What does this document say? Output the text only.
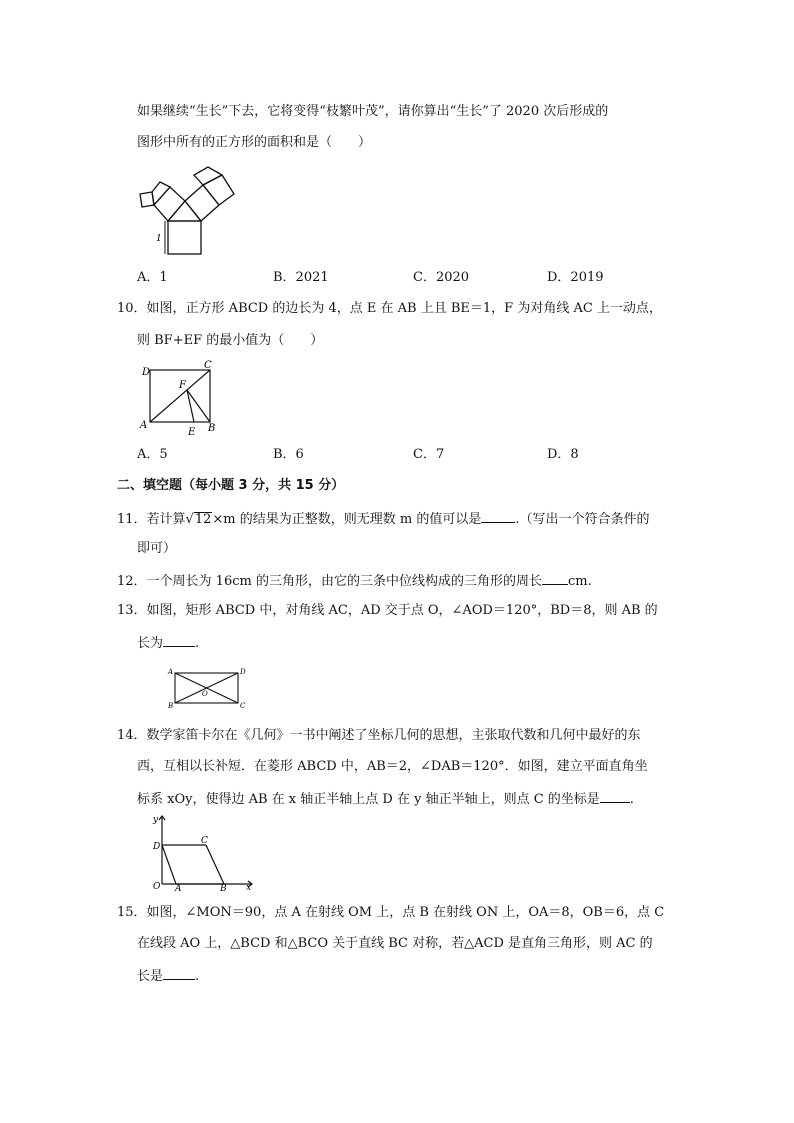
如果继续“生长”下去，它将变得“枝繁叶茂”，请你算出“生长”了 2020 次后形成的
图形中所有的正方形的面积和是（　　）
1
A．1	B．2021	C．2020	D．2019
10．如图，正方形 ABCD 的边长为 4，点 E 在 AB 上且 BE＝1，F 为对角线 AC 上一动点，
则 BF+EF 的最小值为（　　）
D
C
F
A	B
E
A．5	B．6	C．7	D．8
二、填空题（每小题 3 分，共 15 分）
11．若计算√12×m 的结果为正整数，则无理数 m 的值可以是	.（写出一个符合条件的
即可）
12．一个周长为 16cm 的三角形，由它的三条中位线构成的三角形的周长 cm.
13．如图，矩形 ABCD 中，对角线 AC，AD 交于点 O，∠AOD＝120°，BD＝8，则 AB 的
长为 .
A	D
O
B	C
14．数学家笛卡尔在《几何》一书中阐述了坐标几何的思想，主张取代数和几何中最好的东
西，互相以长补短．在菱形 ABCD 中，AB＝2，∠DAB＝120°．如图，建立平面直角坐
标系 xOy，使得边 AB 在 x 轴正半轴上点 D 在 y 轴正半轴上，则点 C 的坐标是 .
y
x
D
C
O A	B
15．如图，∠MON＝90，点 A 在射线 OM 上，点 B 在射线 ON 上，OA＝8，OB＝6，点 C
在线段 AO 上，△BCD 和△BCO 关于直线 BC 对称，若△ACD 是直角三角形，则 AC 的
长是 .
